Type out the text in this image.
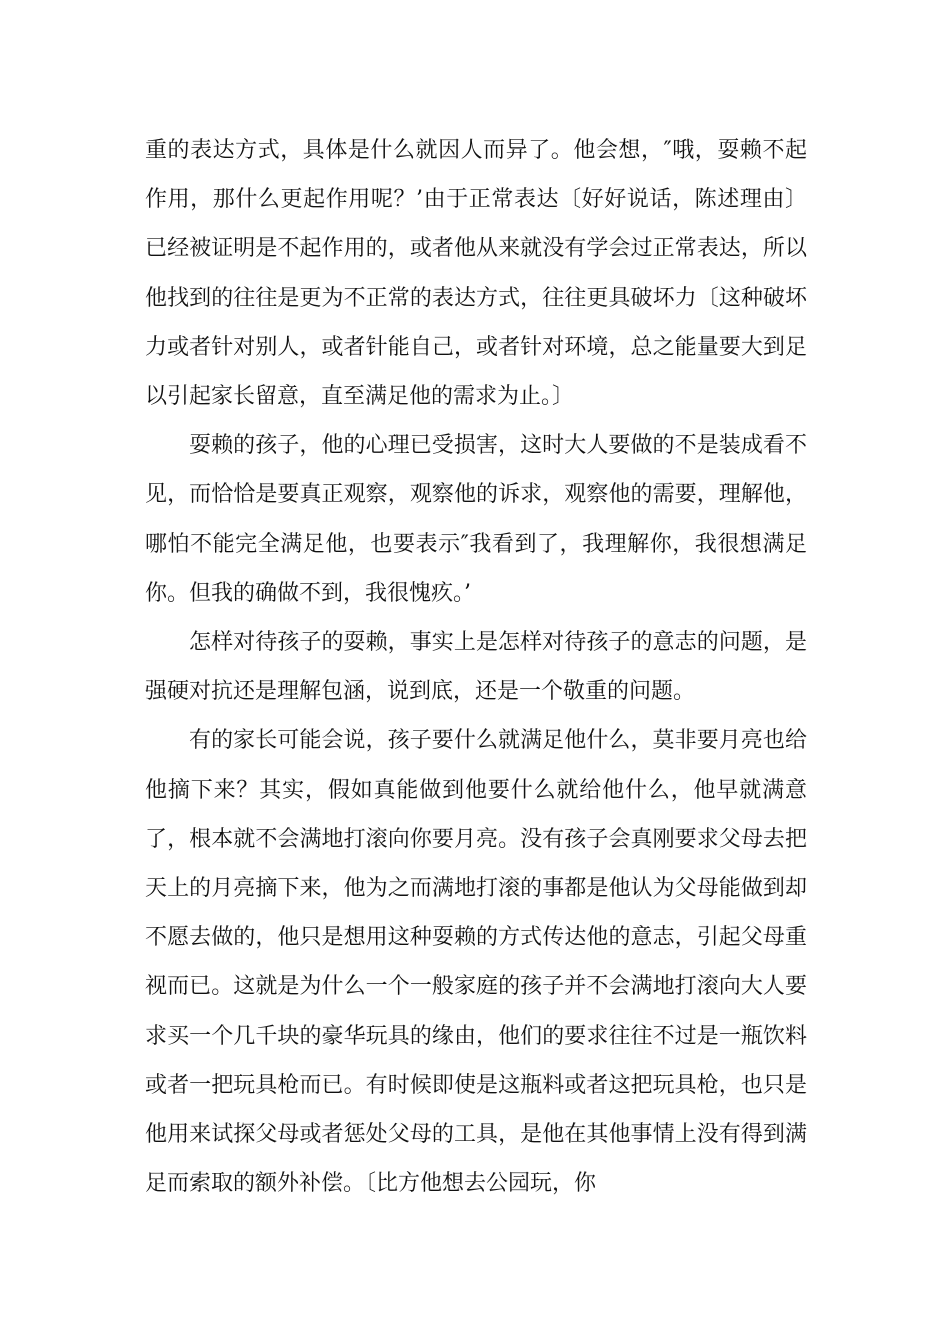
重的表达方式，具体是什么就因人而异了。他会想，″哦，耍赖不起作用，那什么更起作用呢？’由于正常表达〔好好说话，陈述理由〕已经被证明是不起作用的，或者他从来就没有学会过正常表达，所以他找到的往往是更为不正常的表达方式，往往更具破坏力〔这种破坏力或者针对别人，或者针能自己，或者针对环境，总之能量要大到足以引起家长留意，直至满足他的需求为止。〕

耍赖的孩子，他的心理已受损害，这时大人要做的不是装成看不见，而恰恰是要真正观察，观察他的诉求，观察他的需要，理解他，哪怕不能完全满足他，也要表示″我看到了，我理解你，我很想满足你。但我的确做不到，我很愧疚。’

怎样对待孩子的耍赖，事实上是怎样对待孩子的意志的问题，是强硬对抗还是理解包涵，说到底，还是一个敬重的问题。

有的家长可能会说，孩子要什么就满足他什么，莫非要月亮也给他摘下来？其实，假如真能做到他要什么就给他什么，他早就满意了，根本就不会满地打滚向你要月亮。没有孩子会真刚要求父母去把天上的月亮摘下来，他为之而满地打滚的事都是他认为父母能做到却不愿去做的，他只是想用这种耍赖的方式传达他的意志，引起父母重视而已。这就是为什么一个一般家庭的孩子并不会满地打滚向大人要求买一个几千块的豪华玩具的缘由，他们的要求往往不过是一瓶饮料或者一把玩具枪而已。有时候即使是这瓶料或者这把玩具枪，也只是他用来试探父母或者惩处父母的工具，是他在其他事情上没有得到满足而索取的额外补偿。〔比方他想去公园玩，你
